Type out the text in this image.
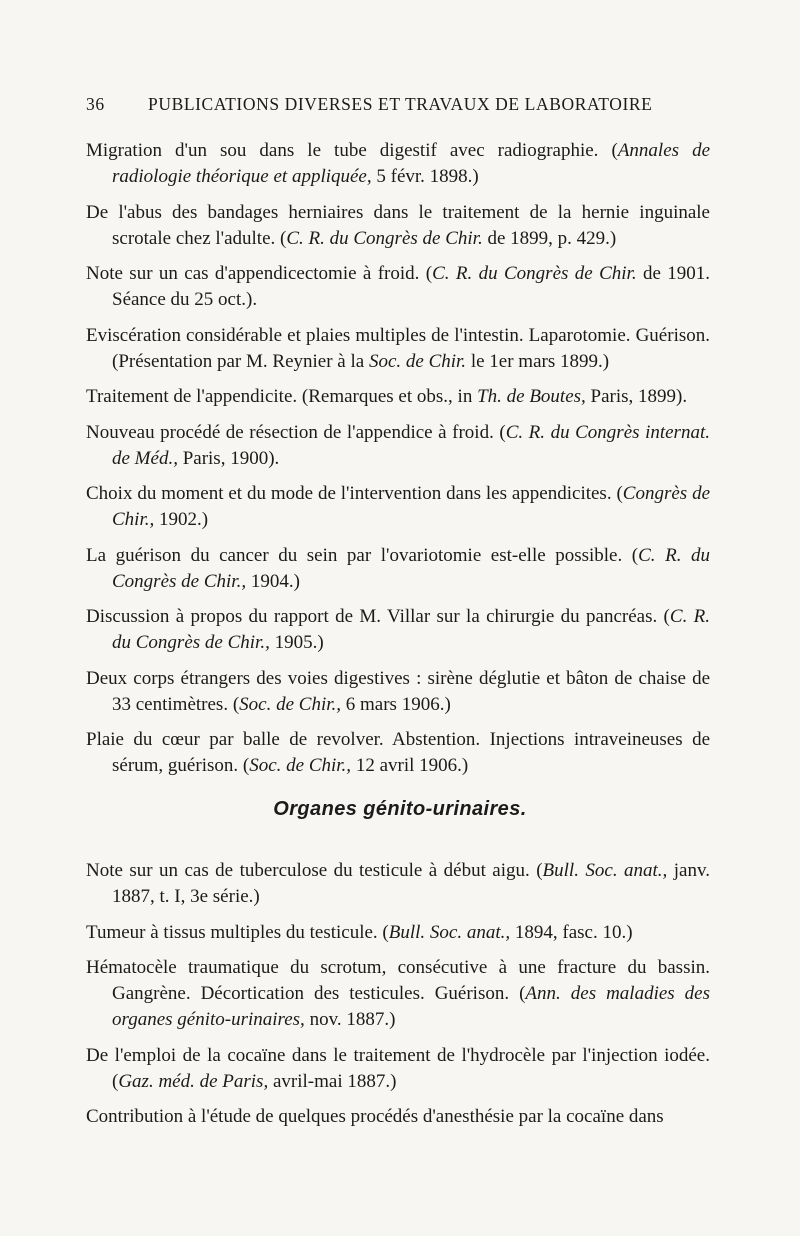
36 PUBLICATIONS DIVERSES ET TRAVAUX DE LABORATOIRE

Migration d'un sou dans le tube digestif avec radiographie. (Annales de radiologie théorique et appliquée, 5 févr. 1898.)

De l'abus des bandages herniaires dans le traitement de la hernie inguinale scrotale chez l'adulte. (C. R. du Congrès de Chir. de 1899, p. 429.)

Note sur un cas d'appendicectomie à froid. (C. R. du Congrès de Chir. de 1901. Séance du 25 oct.).

Eviscération considérable et plaies multiples de l'intestin. Laparotomie. Guérison. (Présentation par M. Reynier à la Soc. de Chir. le 1er mars 1899.)

Traitement de l'appendicite. (Remarques et obs., in Th. de Boutes, Paris, 1899).

Nouveau procédé de résection de l'appendice à froid. (C. R. du Congrès internat. de Méd., Paris, 1900).

Choix du moment et du mode de l'intervention dans les appendicites. (Congrès de Chir., 1902.)

La guérison du cancer du sein par l'ovariotomie est-elle possible. (C. R. du Congrès de Chir., 1904.)

Discussion à propos du rapport de M. Villar sur la chirurgie du pancréas. (C. R. du Congrès de Chir., 1905.)

Deux corps étrangers des voies digestives : sirène déglutie et bâton de chaise de 33 centimètres. (Soc. de Chir., 6 mars 1906.)

Plaie du cœur par balle de revolver. Abstention. Injections intraveineuses de sérum, guérison. (Soc. de Chir., 12 avril 1906.)

Organes génito-urinaires.

Note sur un cas de tuberculose du testicule à début aigu. (Bull. Soc. anat., janv. 1887, t. I, 3e série.)

Tumeur à tissus multiples du testicule. (Bull. Soc. anat., 1894, fasc. 10.)

Hématocèle traumatique du scrotum, consécutive à une fracture du bassin. Gangrène. Décortication des testicules. Guérison. (Ann. des maladies des organes génito-urinaires, nov. 1887.)

De l'emploi de la cocaïne dans le traitement de l'hydrocèle par l'injection iodée. (Gaz. méd. de Paris, avril-mai 1887.)

Contribution à l'étude de quelques procédés d'anesthésie par la cocaïne dans
